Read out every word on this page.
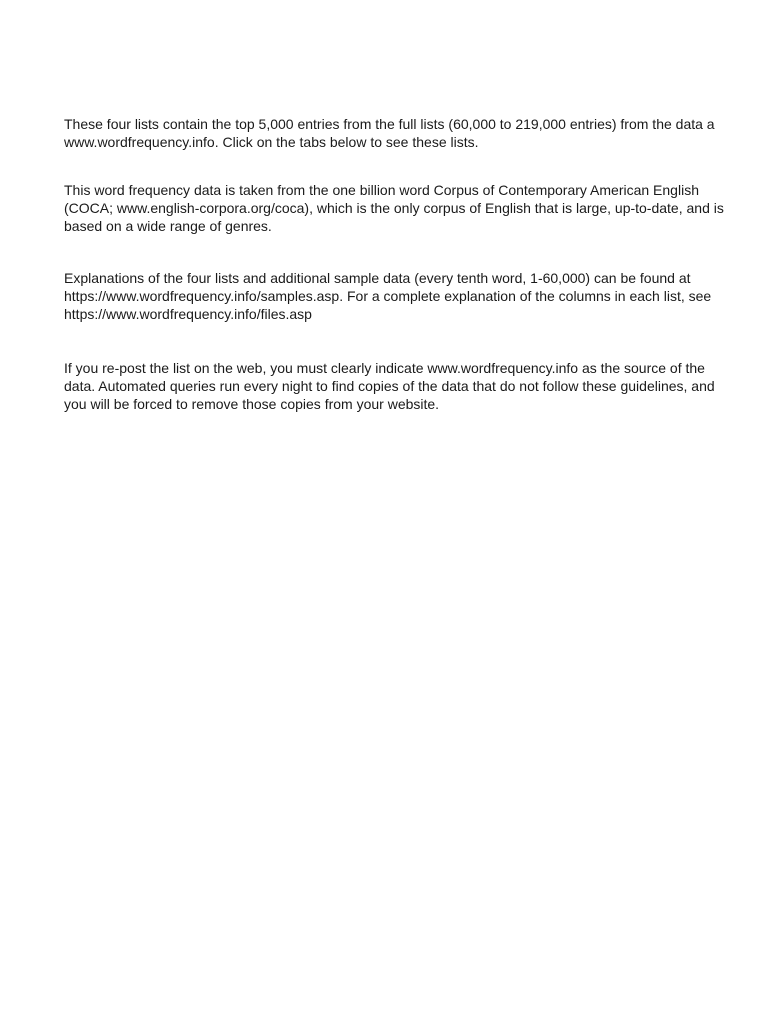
These four lists contain the top 5,000 entries from the full lists (60,000 to 219,000 entries) from the data a
www.wordfrequency.info. Click on the tabs below to see these lists.

This word frequency data is taken from the one billion word Corpus of Contemporary American English
(COCA; www.english-corpora.org/coca), which is the only corpus of English that is large, up-to-date, and is
based on a wide range of genres.

Explanations of the four lists and additional sample data (every tenth word, 1-60,000) can be found at
https://www.wordfrequency.info/samples.asp. For a complete explanation of the columns in each list, see
https://www.wordfrequency.info/files.asp

If you re-post the list on the web, you must clearly indicate www.wordfrequency.info as the source of the
data. Automated queries run every night to find copies of the data that do not follow these guidelines, and
you will be forced to remove those copies from your website.
